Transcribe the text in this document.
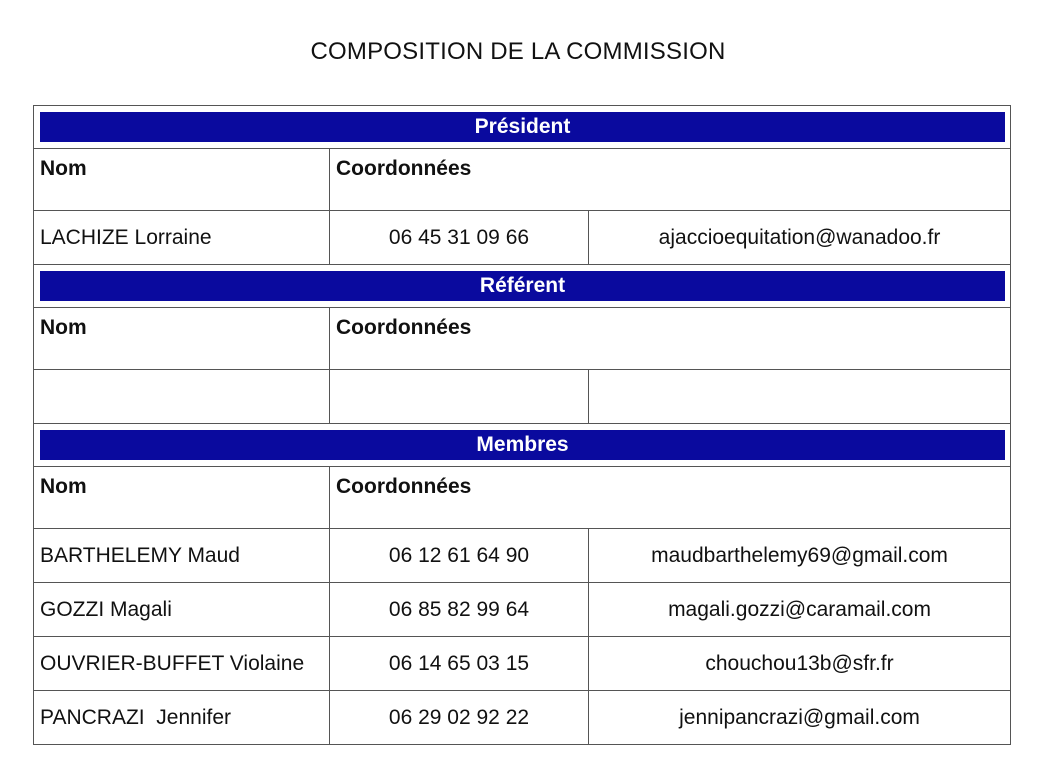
COMPOSITION DE LA COMMISSION
Président		

Nom	Coordonnées	
LACHIZE Lorraine	06 45 31 09 66	ajaccioequitation@wanadoo.fr

Référent		

Nom	Coordonnées	

Membres		

Nom	Coordonnées	
BARTHELEMY Maud	06 12 61 64 90	maudbarthelemy69@gmail.com
GOZZI Magali	06 85 82 99 64	magali.gozzi@caramail.com
OUVRIER-BUFFET Violaine	06 14 65 03 15	chouchou13b@sfr.fr
PANCRAZI  Jennifer	06 29 02 92 22	jennipancrazi@gmail.com
